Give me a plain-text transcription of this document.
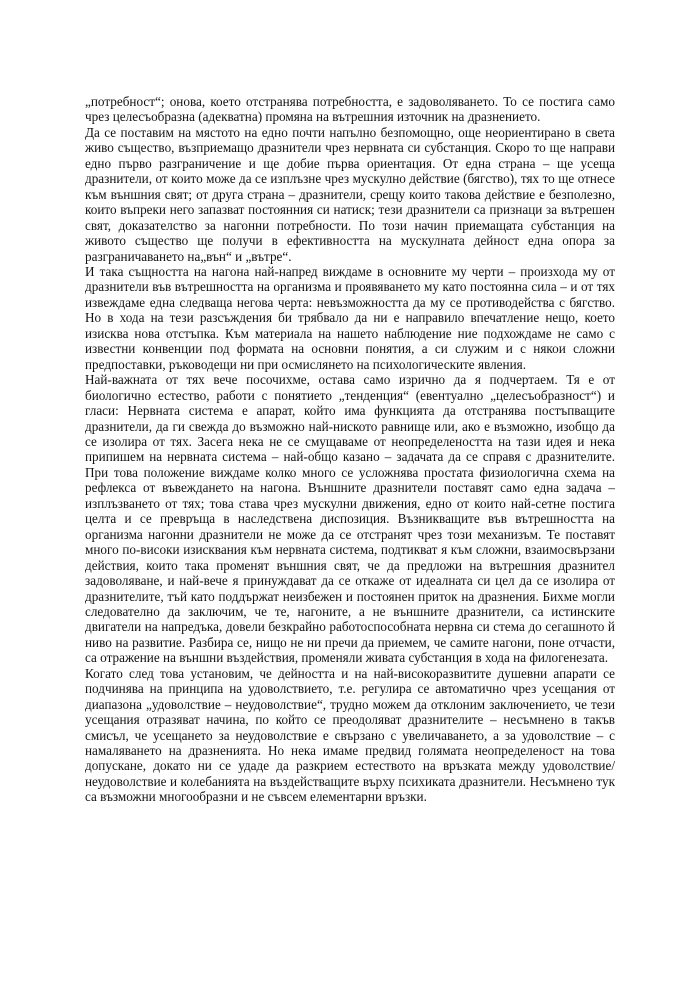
„потребност“; онова, което отстранява потребността, е задоволяването. То се постига само чрез целесъобразна (адекватна) промяна на вътрешния източник на дразнението.

Да се поставим на мястото на едно почти напълно безпомощно, още неориентирано в света живо същество, възприемащо дразнители чрез нервната си субстанция. Скоро то ще направи едно първо разграничение и ще добие първа ориентация. От една страна – ще усеща дразнители, от които може да се изплъзне чрез мускулно действие (бягство), тях то ще отнесе към външния свят; от друга страна – дразнители, срещу които такова действие е безполезно, които въпреки него запазват постоянния си натиск; тези дразнители са признаци за вътрешен свят, доказателство за нагонни потребности. По този начин приемащата субстанция на живото същество ще получи в ефективността на мускулната дейност една опора за разграничаването на„вън“ и „вътре“.

И така същността на нагона най-напред виждаме в основните му черти – произхода му от дразнители във вътрешността на организма и проявяването му като постоянна сила – и от тях извеждаме една следваща негова черта: невъзможността да му се противодейства с бягство. Но в хода на тези разсъждения би трябвало да ни е направило впечатление нещо, което изисква нова отстъпка. Към материала на нашето наблюдение ние подхождаме не само с известни конвенции под формата на основни понятия, а си служим и с някои сложни предпоставки, ръководещи ни при осмислянето на психологическите явления.

Най-важната от тях вече посочихме, остава само изрично да я подчертаем. Тя е от биологично естество, работи с понятието „тенденция“ (евентуално „целесъобразност“) и гласи: Нервната система е апарат, който има функцията да отстранява постъпващите дразнители, да ги свежда до възможно най-ниското равнище или, ако е възможно, изобщо да се изолира от тях. Засега нека не се смущаваме от неопределеността на тази идея и нека припишем на нервната система – най-общо казано – задачата да се справя с дразнителите. При това положение виждаме колко много се усложнява простата физиологична схема на рефлекса от въвеждането на нагона. Външните дразнители поставят само една задача – изплъзването от тях; това става чрез мускулни движения, едно от които най-сетне постига целта и се превръща в наследствена диспозиция. Възникващите във вътрешността на организма нагонни дразнители не може да се отстранят чрез този механизъм. Те поставят много по-високи изисквания към нервната система, подтикват я към сложни, взаимосвързани действия, които така променят външния свят, че да предложи на вътрешния дразнител задоволяване, и най-вече я принуждават да се откаже от идеалната си цел да се изолира от дразнителите, тъй като поддържат неизбежен и постоянен приток на дразнения. Бихме могли следователно да заключим, че те, нагоните, а не външните дразнители, са истинските двигатели на напредъка, довели безкрайно работоспособната нервна си стема до сегашното й ниво на развитие. Разбира се, нищо не ни пречи да приемем, че самите нагони, поне отчасти, са отражение на външни въздействия, променяли живата субстанция в хода на филогенезата.

Когато след това установим, че дейността и на най-високоразвитите душевни апарати се подчинява на принципа на удоволствието, т.е. регулира се автоматично чрез усещания от диапазона „удоволствие – неудоволствие“, трудно можем да отклоним заключението, че тези усещания отразяват начина, по който се преодоляват дразнителите – несъмнено в такъв смисъл, че усещането за неудоволствие е свързано с увеличаването, а за удоволствие – с намаляването на дразненията. Но нека имаме предвид голямата неопределеност на това допускане, докато ни се удаде да разкрием естеството на връзката между удоволствие/неудоволствие и колебанията на въздействащите върху психиката дразнители. Несъмнено тук са възможни многообразни и не съвсем елементарни връзки.
